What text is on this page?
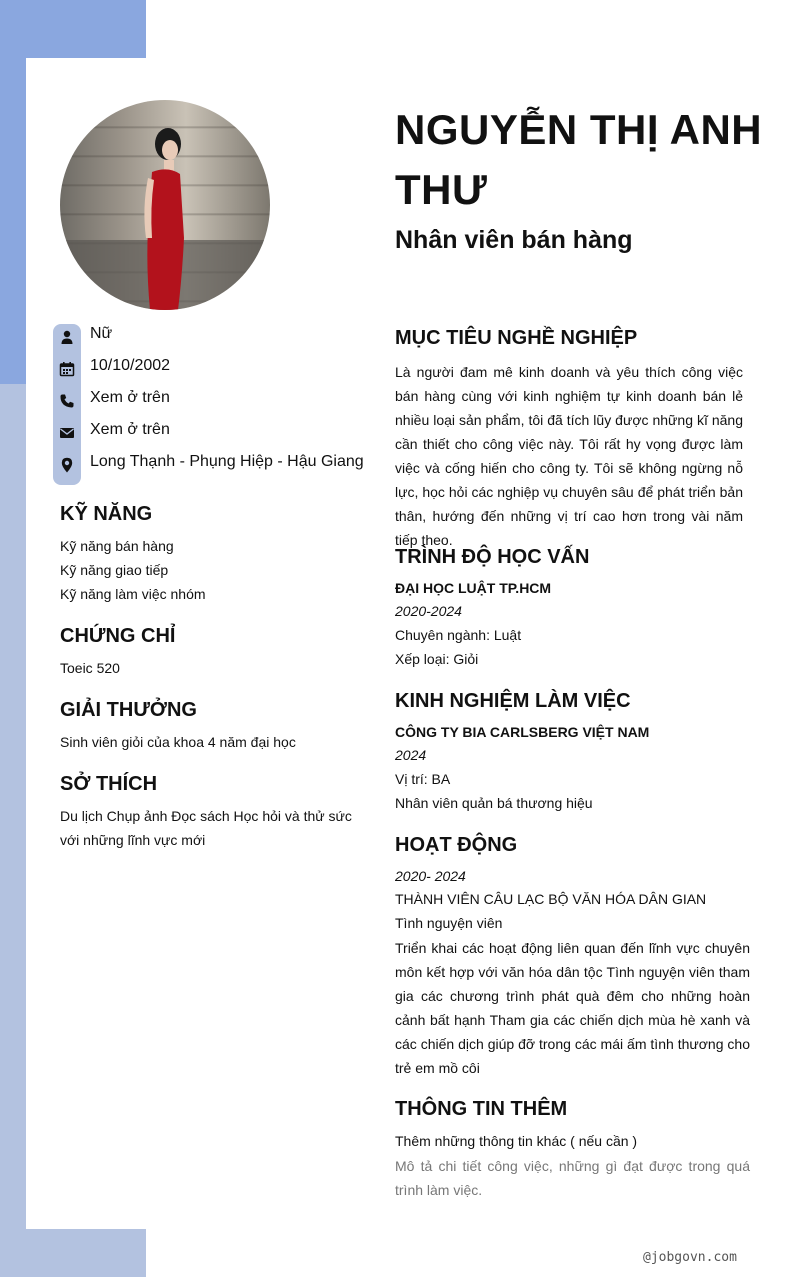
NGUYỄN THỊ ANH THƯ
Nhân viên bán hàng
Nữ
10/10/2002
Xem ở trên
Xem ở trên
Long Thạnh - Phụng Hiệp - Hậu Giang
KỸ NĂNG

Kỹ năng bán hàng

Kỹ năng giao tiếp

Kỹ năng làm việc nhóm

CHỨNG CHỈ

Toeic 520

GIẢI THƯỞNG

Sinh viên giỏi của khoa 4 năm đại học

SỞ THÍCH

Du lịch Chụp ảnh Đọc sách Học hỏi và thử sức với những lĩnh vực mới

MỤC TIÊU NGHỀ NGHIỆP

Là người đam mê kinh doanh và yêu thích công việc bán hàng cùng với kinh nghiệm tự kinh doanh bán lẻ nhiều loại sản phẩm, tôi đã tích lũy được những kĩ năng cần thiết cho công việc này. Tôi rất hy vọng được làm việc và cống hiến cho công ty. Tôi sẽ không ngừng nỗ lực, học hỏi các nghiệp vụ chuyên sâu để phát triển bản thân, hướng đến những vị trí cao hơn trong vài năm tiếp theo.

TRÌNH ĐỘ HỌC VẤN

ĐẠI HỌC LUẬT TP.HCM

2020-2024

Chuyên ngành: Luật

Xếp loại: Giỏi

KINH NGHIỆM LÀM VIỆC

CÔNG TY BIA CARLSBERG VIỆT NAM

2024

Vị trí: BA

Nhân viên quản bá thương hiệu

HOẠT ĐỘNG

2020- 2024

THÀNH VIÊN CÂU LẠC BỘ VĂN HÓA DÂN GIAN

Tình nguyện viên

Triển khai các hoạt động liên quan đến lĩnh vực chuyên môn kết hợp với văn hóa dân tộc Tình nguyện viên tham gia các chương trình phát quà đêm cho những hoàn cảnh bất hạnh Tham gia các chiến dịch mùa hè xanh và các chiến dịch giúp đỡ trong các mái ấm tình thương cho trẻ em mồ côi

THÔNG TIN THÊM

Thêm những thông tin khác ( nếu cần )

Mô tả chi tiết công việc, những gì đạt được trong quá trình làm việc.

@jobgovn.com
